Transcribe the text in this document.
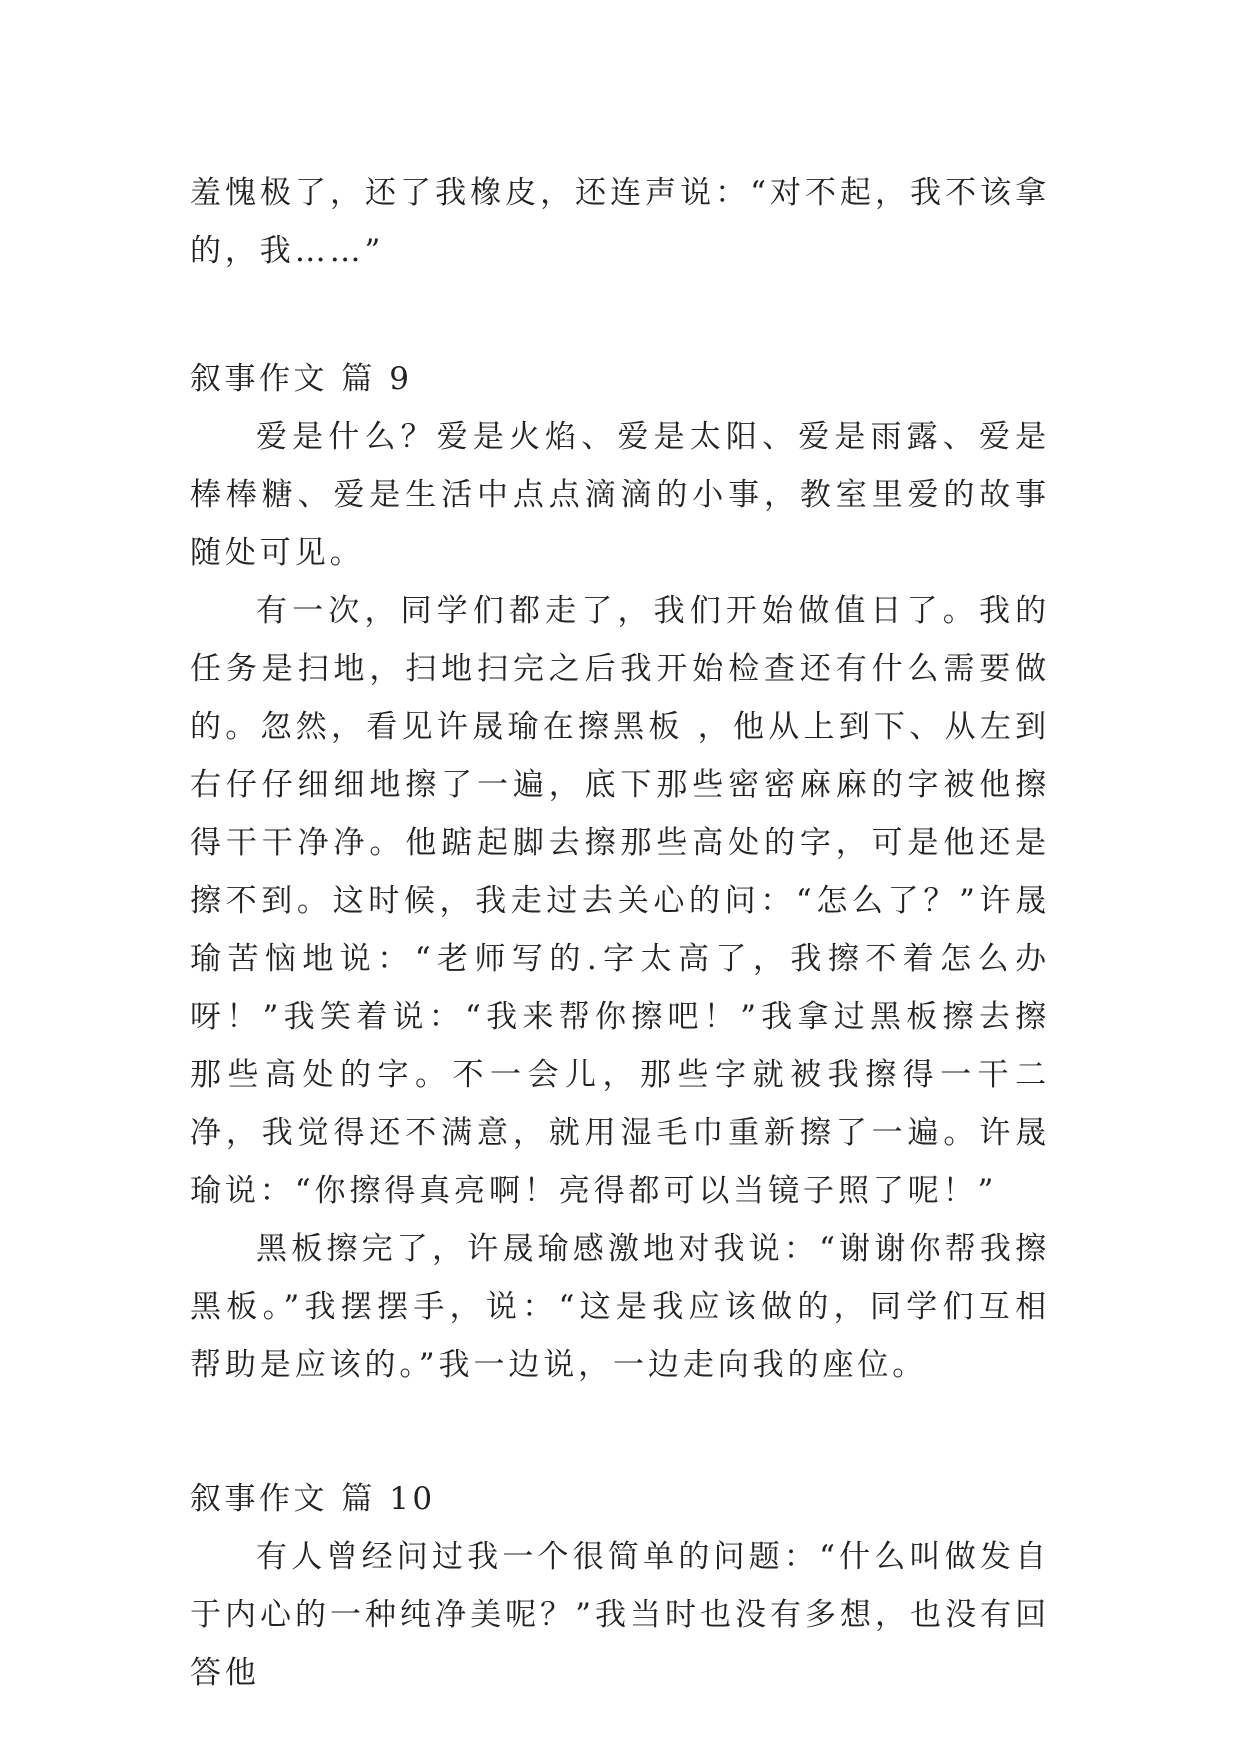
羞愧极了，还了我橡皮，还连声说：“对不起，我不该拿的，我……”

叙事作文 篇 9

爱是什么？爱是火焰、爱是太阳、爱是雨露、爱是棒棒糖、爱是生活中点点滴滴的小事，教室里爱的故事随处可见。

有一次，同学们都走了，我们开始做值日了。我的任务是扫地，扫地扫完之后我开始检查还有什么需要做的。忽然，看见许晟瑜在擦黑板 ，他从上到下、从左到右仔仔细细地擦了一遍，底下那些密密麻麻的字被他擦得干干净净。他踮起脚去擦那些高处的字，可是他还是擦不到。这时候，我走过去关心的问：“怎么了？”许晟瑜苦恼地说：“老师写的.字太高了，我擦不着怎么办呀！”我笑着说：“我来帮你擦吧！”我拿过黑板擦去擦那些高处的字。不一会儿，那些字就被我擦得一干二净，我觉得还不满意，就用湿毛巾重新擦了一遍。许晟瑜说：“你擦得真亮啊！亮得都可以当镜子照了呢！”

黑板擦完了，许晟瑜感激地对我说：“谢谢你帮我擦黑板。”我摆摆手，说：“这是我应该做的，同学们互相帮助是应该的。”我一边说，一边走向我的座位。

叙事作文 篇 10

有人曾经问过我一个很简单的问题：“什么叫做发自于内心的一种纯净美呢？”我当时也没有多想，也没有回答他
